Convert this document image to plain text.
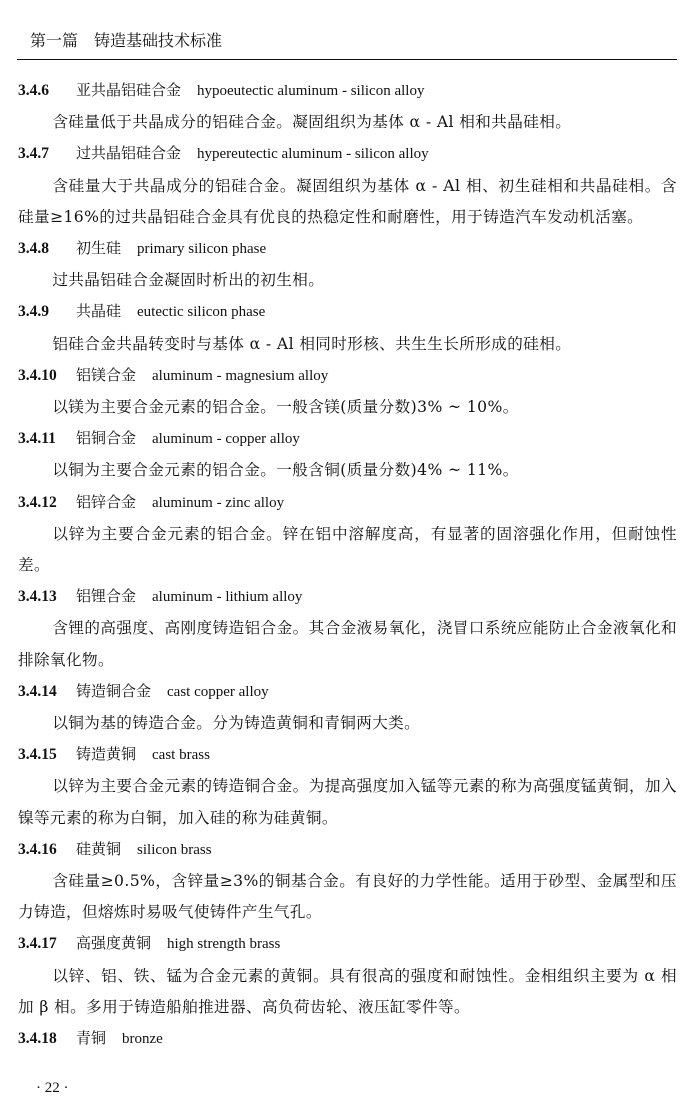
第一篇　铸造基础技术标准
3.4.6 亚共晶铝硅合金 hypoeutectic aluminum - silicon alloy
含硅量低于共晶成分的铝硅合金。凝固组织为基体 α - Al 相和共晶硅相。
3.4.7 过共晶铝硅合金 hypereutectic aluminum - silicon alloy
含硅量大于共晶成分的铝硅合金。凝固组织为基体 α - Al 相、初生硅相和共晶硅相。含硅量≥16%的过共晶铝硅合金具有优良的热稳定性和耐磨性，用于铸造汽车发动机活塞。
3.4.8 初生硅 primary silicon phase
过共晶铝硅合金凝固时析出的初生相。
3.4.9 共晶硅 eutectic silicon phase
铝硅合金共晶转变时与基体 α - Al 相同时形核、共生生长所形成的硅相。
3.4.10 铝镁合金 aluminum - magnesium alloy
以镁为主要合金元素的铝合金。一般含镁(质量分数)3% ~ 10%。
3.4.11 铝铜合金 aluminum - copper alloy
以铜为主要合金元素的铝合金。一般含铜(质量分数)4% ~ 11%。
3.4.12 铝锌合金 aluminum - zinc alloy
以锌为主要合金元素的铝合金。锌在铝中溶解度高，有显著的固溶强化作用，但耐蚀性差。
3.4.13 铝锂合金 aluminum - lithium alloy
含锂的高强度、高刚度铸造铝合金。其合金液易氧化，浇冒口系统应能防止合金液氧化和排除氧化物。
3.4.14 铸造铜合金 cast copper alloy
以铜为基的铸造合金。分为铸造黄铜和青铜两大类。
3.4.15 铸造黄铜 cast brass
以锌为主要合金元素的铸造铜合金。为提高强度加入锰等元素的称为高强度锰黄铜，加入镍等元素的称为白铜，加入硅的称为硅黄铜。
3.4.16 硅黄铜 silicon brass
含硅量≥0.5%，含锌量≥3%的铜基合金。有良好的力学性能。适用于砂型、金属型和压力铸造，但熔炼时易吸气使铸件产生气孔。
3.4.17 高强度黄铜 high strength brass
以锌、铝、铁、锰为合金元素的黄铜。具有很高的强度和耐蚀性。金相组织主要为 α 相加 β 相。多用于铸造船舶推进器、高负荷齿轮、液压缸零件等。
3.4.18 青铜 bronze
· 22 ·
